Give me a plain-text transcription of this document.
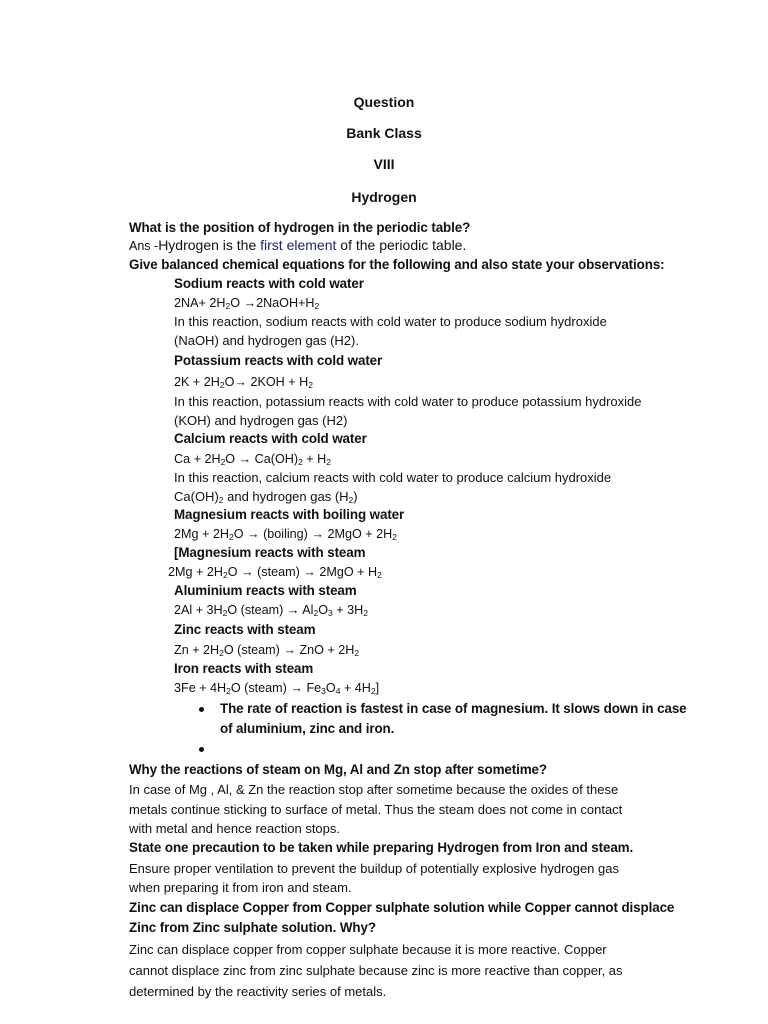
Question
Bank Class
VIII
Hydrogen
What is the position of hydrogen in the periodic table?
Ans -Hydrogen is the first element of the periodic table.
Give balanced chemical equations for the following and also state your observations:
Sodium reacts with cold water
$2NA+ 2H_2O$ $\to 2NaOH+H_2$
In this reaction, sodium reacts with cold water to produce sodium hydroxide
(NaOH) and hydrogen gas (H2).
Potassium reacts with cold water
$2K + 2H_2O\to 2KOH + H_2$
In this reaction, potassium reacts with cold water to produce potassium hydroxide
(KOH) and hydrogen gas (H2)
Calcium reacts with cold water
$Ca + 2H_2O \to Ca(OH)_2 + H_2$
In this reaction, calcium reacts with cold water to produce calcium hydroxide
$Ca(OH)_2$ and hydrogen gas $(H_2)$
Magnesium reacts with boiling water
$2Mg + 2H_2O$ → (boiling) → $2MgO + 2H_2$
[Magnesium reacts with steam
$2Mg + 2H_2O$ → (steam) → $2MgO + H_2$
Aluminium reacts with steam
$2Al + 3H_2O$ (steam) → $Al_2O_3 + 3H_2$
Zinc reacts with steam
$Zn + 2H_2O$ (steam) → ZnO + $2H_2$
Iron reacts with steam
$3Fe + 4H_2O$ (steam) → $Fe_3O_4 + 4H_2$]
The rate of reaction is fastest in case of magnesium. It slows down in case
of aluminium, zinc and iron.
Why the reactions of steam on Mg, Al and Zn stop after sometime?
In case of Mg , Al, & Zn the reaction stop after sometime because the oxides of these
metals continue sticking to surface of metal. Thus the steam does not come in contact
with metal and hence reaction stops.
State one precaution to be taken while preparing Hydrogen from Iron and steam.
Ensure proper ventilation to prevent the buildup of potentially explosive hydrogen gas
when preparing it from iron and steam.
Zinc can displace Copper from Copper sulphate solution while Copper cannot displace
Zinc from Zinc sulphate solution. Why?
Zinc can displace copper from copper sulphate because it is more reactive. Copper
cannot displace zinc from zinc sulphate because zinc is more reactive than copper, as
determined by the reactivity series of metals.
